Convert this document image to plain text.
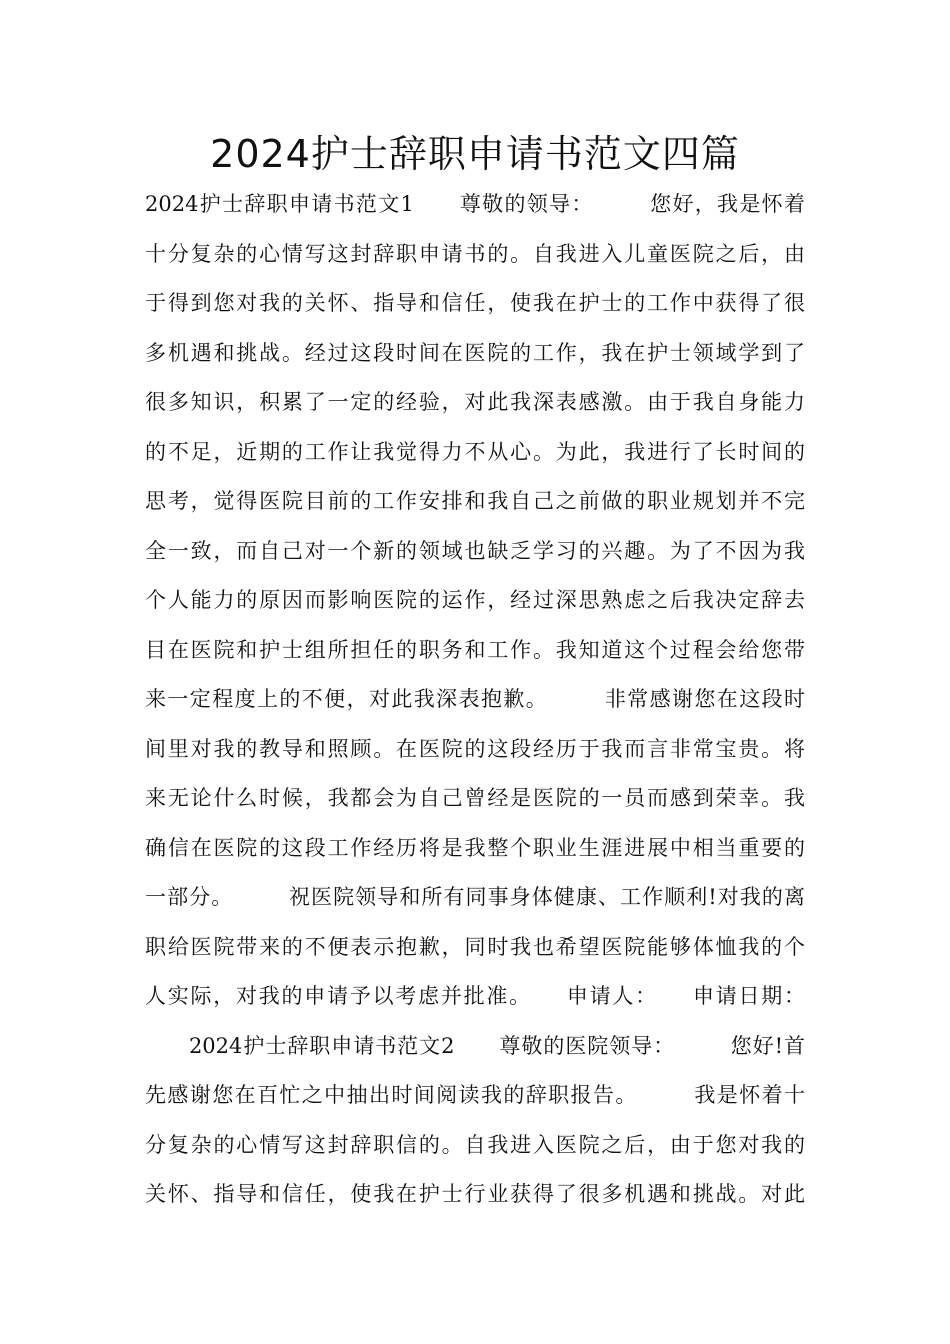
2024护士辞职申请书范文四篇
2024护士辞职申请书范文1　　尊敬的领导：　　　您好，我是怀着
十分复杂的心情写这封辞职申请书的。自我进入儿童医院之后，由
于得到您对我的关怀、指导和信任，使我在护士的工作中获得了很
多机遇和挑战。经过这段时间在医院的工作，我在护士领域学到了
很多知识，积累了一定的经验，对此我深表感激。由于我自身能力
的不足，近期的工作让我觉得力不从心。为此，我进行了长时间的
思考，觉得医院目前的工作安排和我自己之前做的职业规划并不完
全一致，而自己对一个新的领域也缺乏学习的兴趣。为了不因为我
个人能力的原因而影响医院的运作，经过深思熟虑之后我决定辞去
目在医院和护士组所担任的职务和工作。我知道这个过程会给您带
来一定程度上的不便，对此我深表抱歉。　　　非常感谢您在这段时
间里对我的教导和照顾。在医院的这段经历于我而言非常宝贵。将
来无论什么时候，我都会为自己曾经是医院的一员而感到荣幸。我
确信在医院的这段工作经历将是我整个职业生涯进展中相当重要的
一部分。　　　祝医院领导和所有同事身体健康、工作顺利!对我的离
职给医院带来的不便表示抱歉，同时我也希望医院能够体恤我的个
人实际，对我的申请予以考虑并批准。　　申请人：　　申请日期：
　　2024护士辞职申请书范文2　　尊敬的医院领导：　　　您好!首
先感谢您在百忙之中抽出时间阅读我的辞职报告。　　　我是怀着十
分复杂的心情写这封辞职信的。自我进入医院之后，由于您对我的
关怀、指导和信任，使我在护士行业获得了很多机遇和挑战。对此
